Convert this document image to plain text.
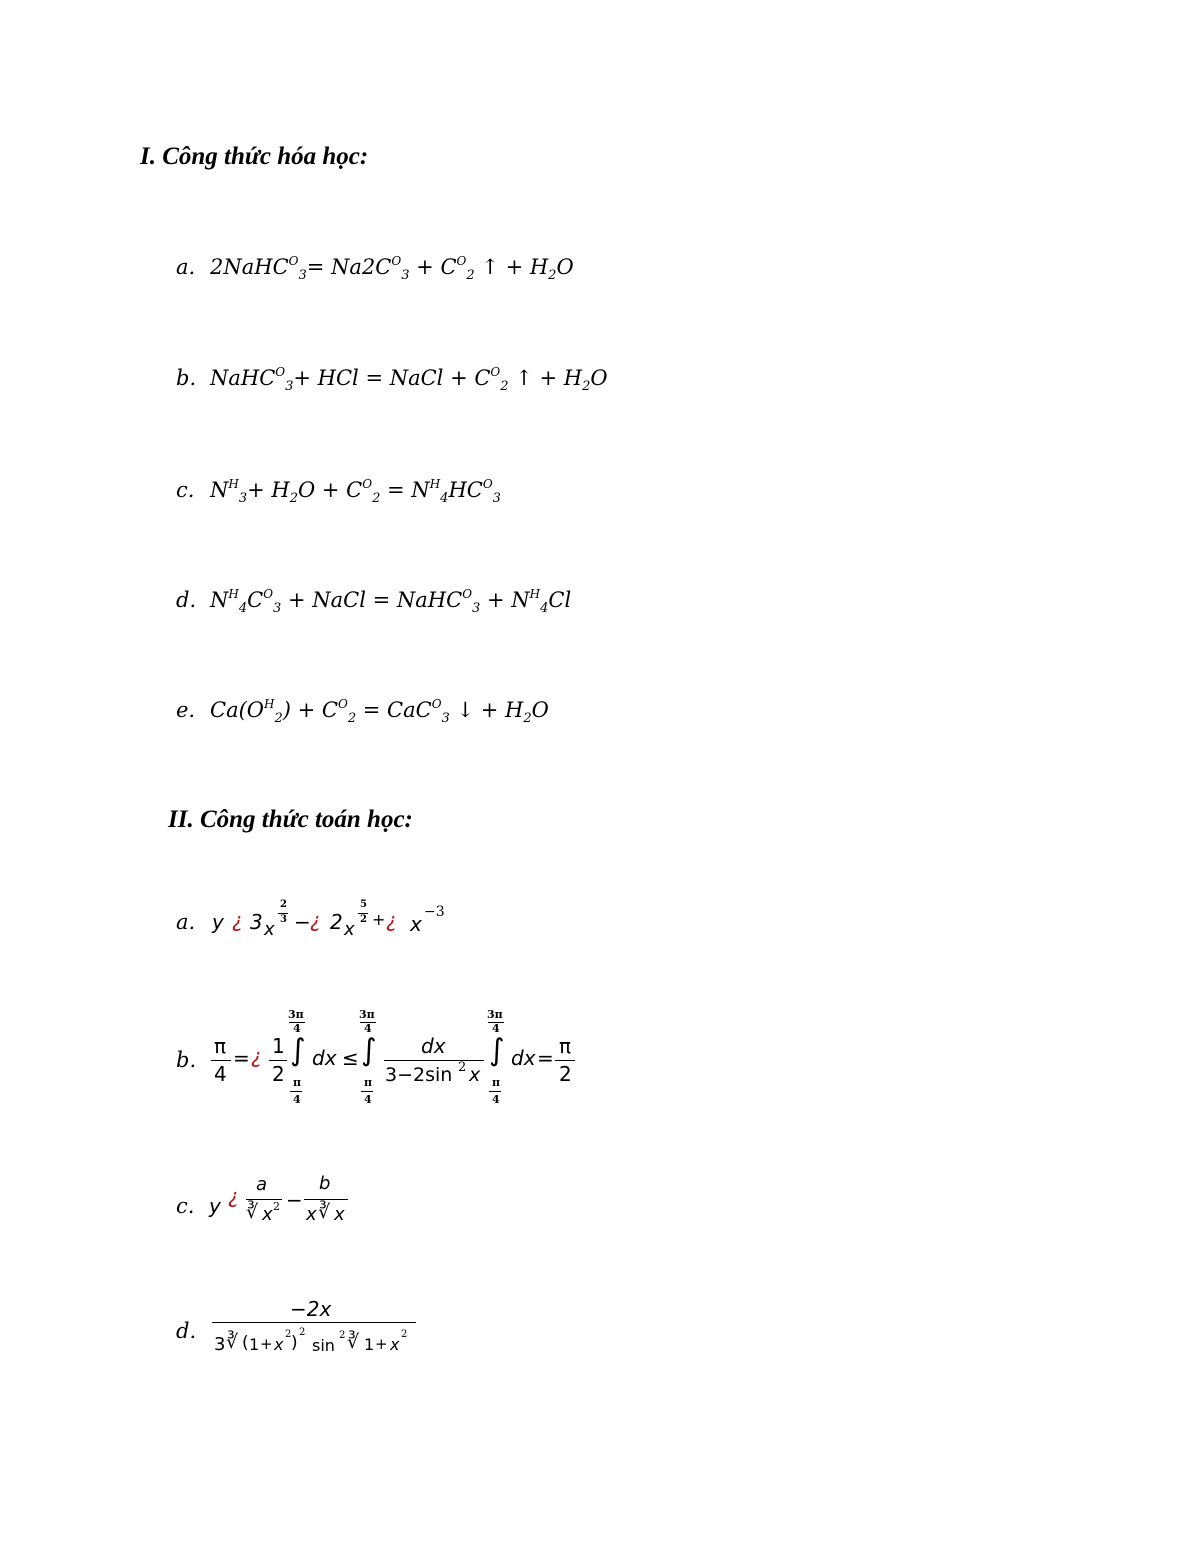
I. Công thức hóa học:
a. 2NaHC$^O_3$= $Na2C^O_3 + C^O_2$ ↑ + $H_2O$
b. NaHC$^O_3$+ HCl = NaCl + $C^O_2$ ↑ + $H_2O$
c. $N^H_3+ H_2O + C^O_2 = N^H_4HC^O_3$
d. $N^H_4C^O_3$ + NaCl = NaHC$^O_3$ + $N^H_4Cl$
e. $Ca(O^H_2) + C^O_2 = CaC^O_3$ ↓ + $H_2O$
II. Công thức toán học:
a. y ¿ 3 x
2
3 − ¿ 2 x
5
2 + ¿ x −3
b.
π
4
= ¿ 1
2
3π
4
∫
π
4
dx ≤
3π
4
∫
π
4
dx
3−2sin 2 x
3π
4
∫
π
4
dx = π
2
c. y ¿ a
∛ x 2 −
b
x ∛ x
d.
−2x
3 ∛ ( 1 + x
2 )
2
sin
2 ∛ 1 + x
2
